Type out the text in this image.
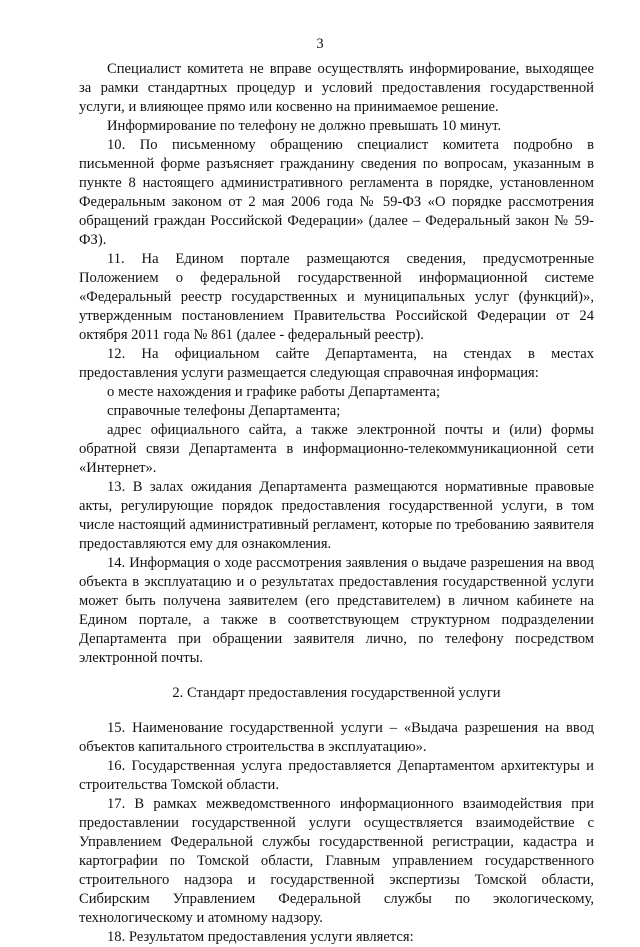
3

Специалист комитета не вправе осуществлять информирование, выходящее за рамки стандартных процедур и условий предоставления государственной услуги, и влияющее прямо или косвенно на принимаемое решение.

Информирование по телефону не должно превышать 10 минут.

10. По письменному обращению специалист комитета подробно в письменной форме разъясняет гражданину сведения по вопросам, указанным в пункте 8 настоящего административного регламента в порядке, установленном Федеральным законом от 2 мая 2006 года № 59-ФЗ «О порядке рассмотрения обращений граждан Российской Федерации» (далее – Федеральный закон № 59-ФЗ).

11. На Едином портале размещаются сведения, предусмотренные Положением о федеральной государственной информационной системе «Федеральный реестр государственных и муниципальных услуг (функций)», утвержденным постановлением Правительства Российской Федерации от 24 октября 2011 года № 861 (далее - федеральный реестр).

12. На официальном сайте Департамента, на стендах в местах предоставления услуги размещается следующая справочная информация:

о месте нахождения и графике работы Департамента;

справочные телефоны Департамента;

адрес официального сайта, а также электронной почты и (или) формы обратной связи Департамента в информационно-телекоммуникационной сети «Интернет».

13. В залах ожидания Департамента размещаются нормативные правовые акты, регулирующие порядок предоставления государственной услуги, в том числе настоящий административный регламент, которые по требованию заявителя предоставляются ему для ознакомления.

14. Информация о ходе рассмотрения заявления о выдаче разрешения на ввод объекта в эксплуатацию и о результатах предоставления государственной услуги может быть получена заявителем (его представителем) в личном кабинете на Едином портале, а также в соответствующем структурном подразделении Департамента при обращении заявителя лично, по телефону посредством электронной почты.

2. Стандарт предоставления государственной услуги

15. Наименование государственной услуги – «Выдача разрешения на ввод объектов капитального строительства в эксплуатацию».

16. Государственная услуга предоставляется Департаментом архитектуры и строительства Томской области.

17. В рамках межведомственного информационного взаимодействия при предоставлении государственной услуги осуществляется взаимодействие с Управлением Федеральной службы государственной регистрации, кадастра и картографии по Томской области, Главным управлением государственного строительного надзора и государственной экспертизы Томской области, Сибирским Управлением Федеральной службы по экологическому, технологическому и атомному надзору.

18. Результатом предоставления услуги является:
